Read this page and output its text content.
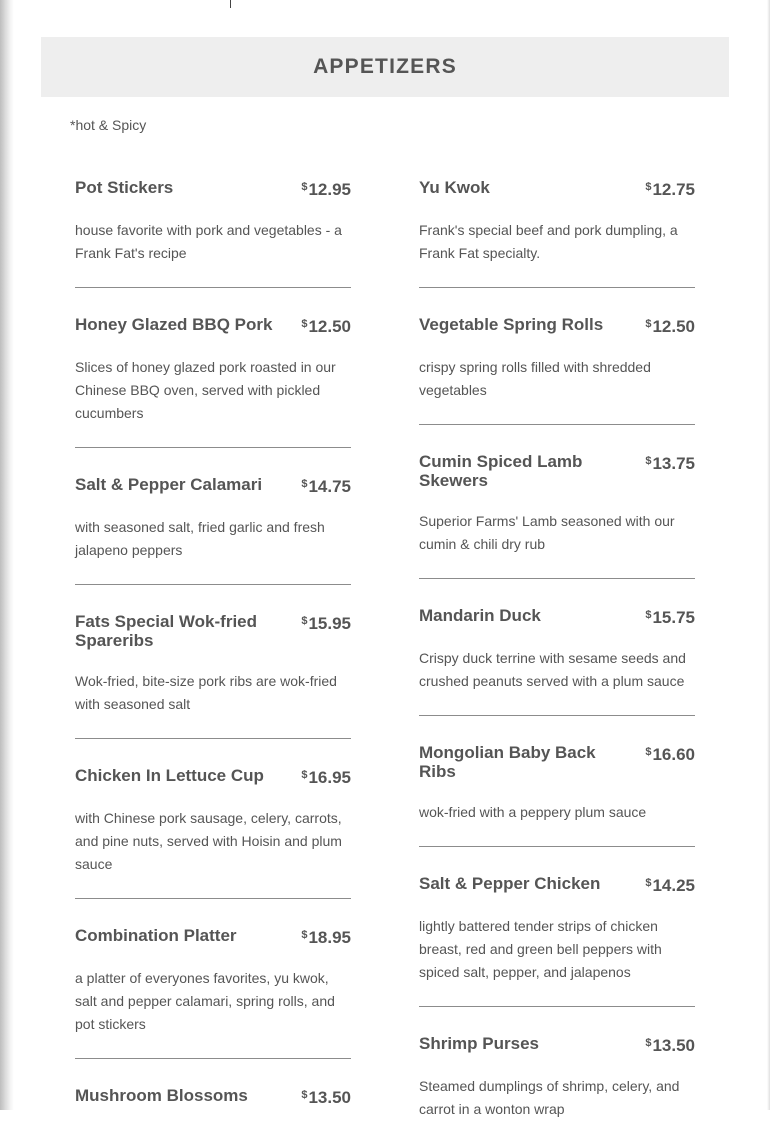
APPETIZERS
*hot & Spicy
Pot Stickers	$12.95
house favorite with pork and vegetables - a Frank Fat's recipe
Honey Glazed BBQ Pork	$12.50
Slices of honey glazed pork roasted in our Chinese BBQ oven, served with pickled cucumbers
Salt & Pepper Calamari	$14.75
with seasoned salt, fried garlic and fresh jalapeno peppers
Fats Special Wok-fried Spareribs
$15.95
Wok-fried, bite-size pork ribs are wok-fried with seasoned salt
Chicken In Lettuce Cup	$16.95
with Chinese pork sausage, celery, carrots, and pine nuts, served with Hoisin and plum sauce
Combination Platter	$18.95
a platter of everyones favorites, yu kwok, salt and pepper calamari, spring rolls, and pot stickers
Mushroom Blossoms	$13.50
Yu Kwok	$12.75
Frank's special beef and pork dumpling, a Frank Fat specialty.
Vegetable Spring Rolls	$12.50
crispy spring rolls filled with shredded vegetables
Cumin Spiced Lamb Skewers
$13.75
Superior Farms' Lamb seasoned with our cumin & chili dry rub
Mandarin Duck	$15.75
Crispy duck terrine with sesame seeds and crushed peanuts served with a plum sauce
Mongolian Baby Back Ribs
$16.60
wok-fried with a peppery plum sauce
Salt & Pepper Chicken	$14.25
lightly battered tender strips of chicken breast, red and green bell peppers with spiced salt, pepper, and jalapenos
Shrimp Purses	$13.50
Steamed dumplings of shrimp, celery, and carrot in a wonton wrap
